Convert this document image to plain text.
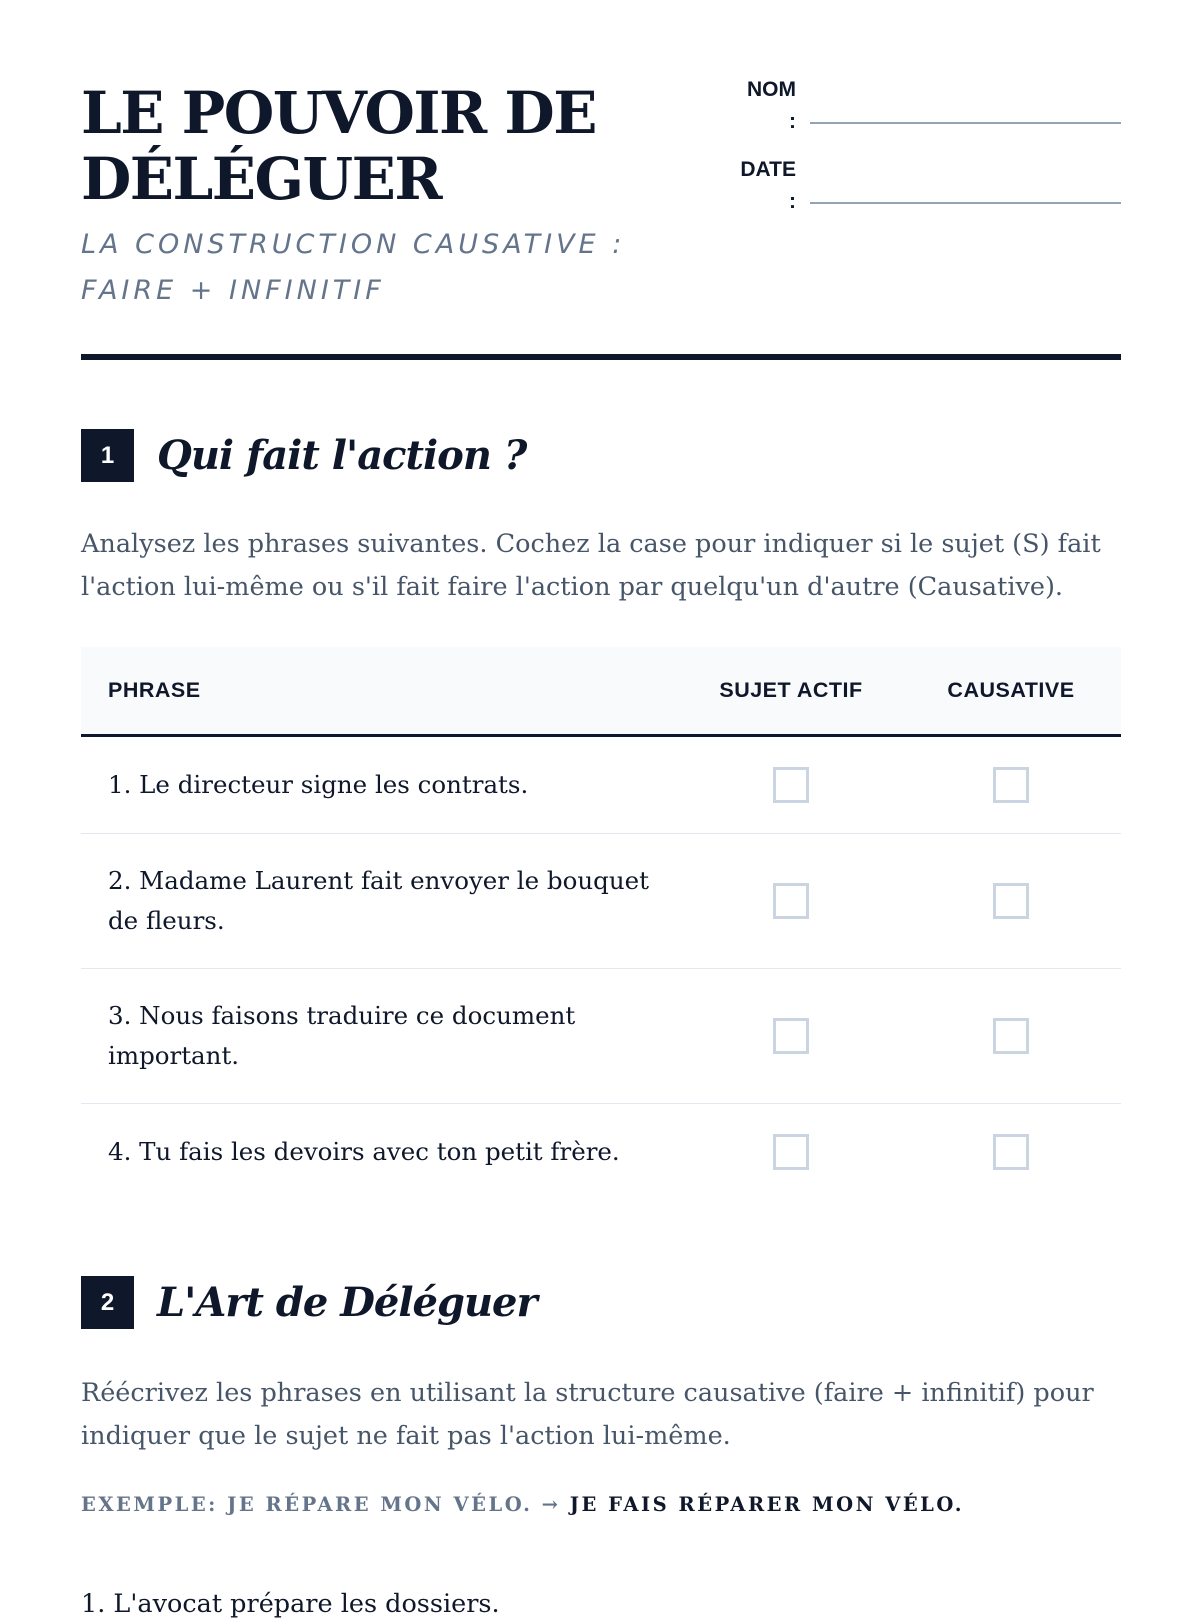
LE POUVOIR DE DÉLÉGUER

LA CONSTRUCTION CAUSATIVE : FAIRE + INFINITIF

NOM
:
DATE
:
1	Qui fait l'action ?

Analysez les phrases suivantes. Cochez la case pour indiquer si le sujet (S) fait l'action lui-même ou s'il fait faire l'action par quelqu'un d'autre (Causative).

PHRASE	SUJET ACTIF	CAUSATIVE
1. Le directeur signe les contrats.
2. Madame Laurent fait envoyer le bouquet de fleurs.
3. Nous faisons traduire ce document important.
4. Tu fais les devoirs avec ton petit frère.
2	L'Art de Déléguer

Réécrivez les phrases en utilisant la structure causative (faire + infinitif) pour indiquer que le sujet ne fait pas l'action lui-même.

EXEMPLE: JE RÉPARE MON VÉLO. → JE FAIS RÉPARER MON VÉLO.
1. L'avocat prépare les dossiers.
